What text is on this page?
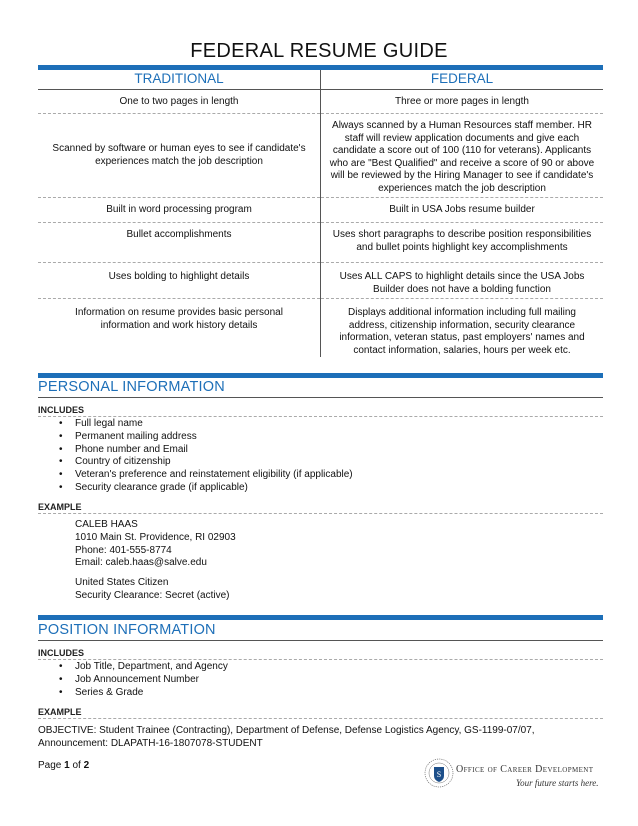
FEDERAL RESUME GUIDE
TRADITIONAL	FEDERAL
One to two pages in length	Three or more pages in length
Scanned by software or human eyes to see if candidate's experiences match the job description	Always scanned by a Human Resources staff member. HR staff will review application documents and give each candidate a score out of 100 (110 for veterans). Applicants who are "Best Qualified" and receive a score of 90 or above will be reviewed by the Hiring Manager to see if candidate's experiences match the job description
Built in word processing program	Built in USA Jobs resume builder
Bullet accomplishments	Uses short paragraphs to describe position responsibilities and bullet points highlight key accomplishments
Uses bolding to highlight details	Uses ALL CAPS to highlight details since the USA Jobs Builder does not have a bolding function
Information on resume provides basic personal information and work history details	Displays additional information including full mailing address, citizenship information, security clearance information, veteran status, past employers' names and contact information, salaries, hours per week etc.
PERSONAL INFORMATION
INCLUDES
• Full legal name
• Permanent mailing address
• Phone number and Email
• Country of citizenship
• Veteran's preference and reinstatement eligibility (if applicable)
• Security clearance grade (if applicable)
EXAMPLE
CALEB HAAS
1010 Main St. Providence, RI 02903
Phone: 401-555-8774
Email: caleb.haas@salve.edu
United States Citizen
Security Clearance: Secret (active)
POSITION INFORMATION
INCLUDES
• Job Title, Department, and Agency
• Job Announcement Number
• Series & Grade
EXAMPLE
OBJECTIVE: Student Trainee (Contracting), Department of Defense, Defense Logistics Agency, GS-1199-07/07,
Announcement: DLAPATH-16-1807078-STUDENT
Page 1 of 2
S Office of Career Development
Your future starts here.
